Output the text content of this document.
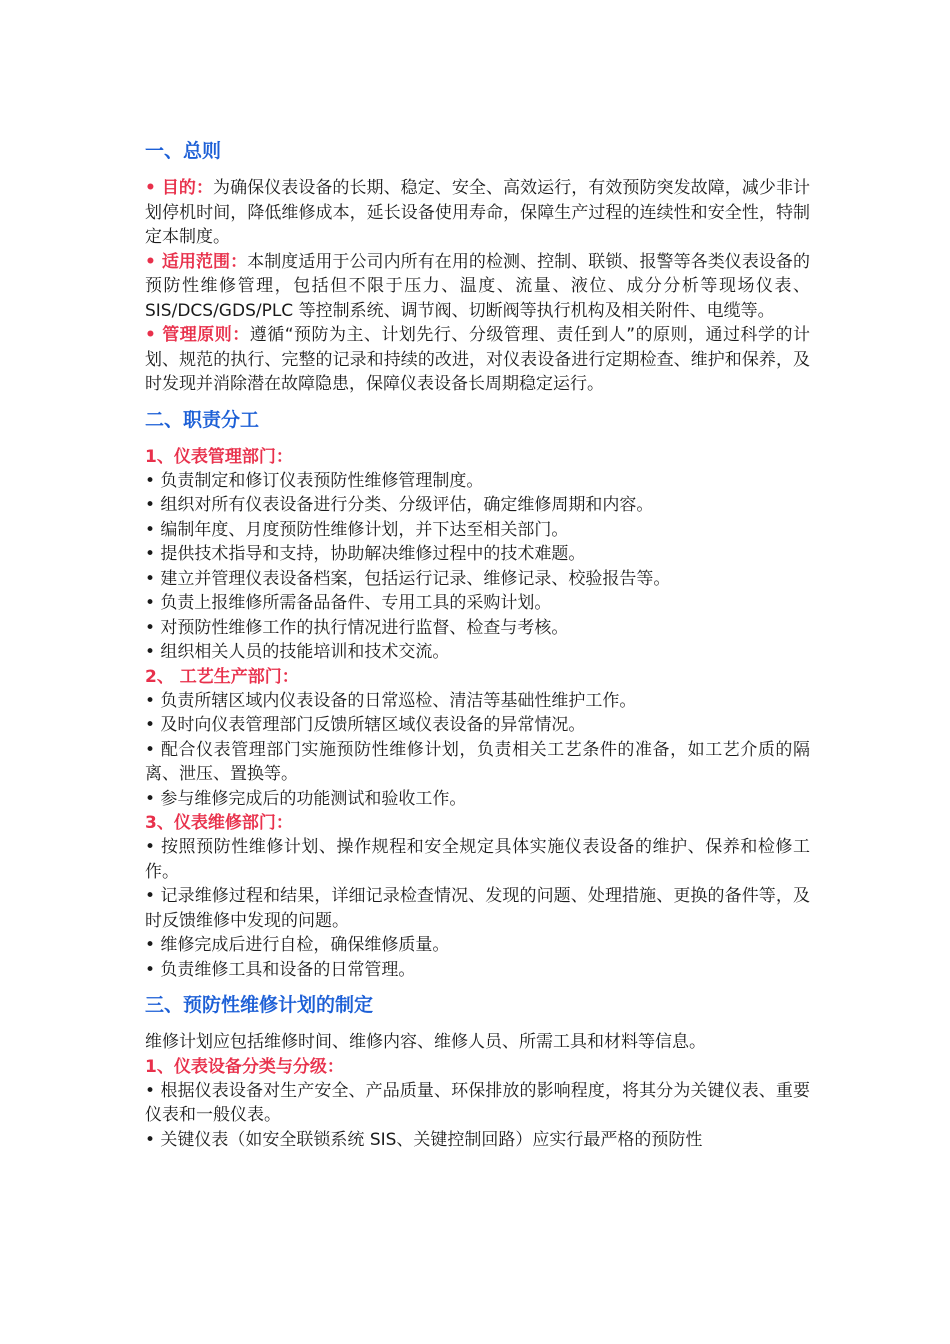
一、总则
• 目的：为确保仪表设备的长期、稳定、安全、高效运行，有效预防突发故障，减少非计划停机时间，降低维修成本，延长设备使用寿命，保障生产过程的连续性和安全性，特制定本制度。
• 适用范围：本制度适用于公司内所有在用的检测、控制、联锁、报警等各类仪表设备的预防性维修管理，包括但不限于压力、温度、流量、液位、成分分析等现场仪表、SIS/DCS/GDS/PLC 等控制系统、调节阀、切断阀等执行机构及相关附件、电缆等。
• 管理原则：遵循“预防为主、计划先行、分级管理、责任到人”的原则，通过科学的计划、规范的执行、完整的记录和持续的改进，对仪表设备进行定期检查、维护和保养，及时发现并消除潜在故障隐患，保障仪表设备长周期稳定运行。
二、职责分工
1、仪表管理部门：
• 负责制定和修订仪表预防性维修管理制度。
• 组织对所有仪表设备进行分类、分级评估，确定维修周期和内容。
• 编制年度、月度预防性维修计划，并下达至相关部门。
• 提供技术指导和支持，协助解决维修过程中的技术难题。
• 建立并管理仪表设备档案，包括运行记录、维修记录、校验报告等。
• 负责上报维修所需备品备件、专用工具的采购计划。
• 对预防性维修工作的执行情况进行监督、检查与考核。
• 组织相关人员的技能培训和技术交流。
2、 工艺生产部门：
• 负责所辖区域内仪表设备的日常巡检、清洁等基础性维护工作。
• 及时向仪表管理部门反馈所辖区域仪表设备的异常情况。
• 配合仪表管理部门实施预防性维修计划，负责相关工艺条件的准备，如工艺介质的隔离、泄压、置换等。
• 参与维修完成后的功能测试和验收工作。
3、仪表维修部门：
• 按照预防性维修计划、操作规程和安全规定具体实施仪表设备的维护、保养和检修工作。
• 记录维修过程和结果，详细记录检查情况、发现的问题、处理措施、更换的备件等，及时反馈维修中发现的问题。
• 维修完成后进行自检，确保维修质量。
• 负责维修工具和设备的日常管理。
三、预防性维修计划的制定
维修计划应包括维修时间、维修内容、维修人员、所需工具和材料等信息。
1、仪表设备分类与分级：
• 根据仪表设备对生产安全、产品质量、环保排放的影响程度，将其分为关键仪表、重要仪表和一般仪表。
• 关键仪表（如安全联锁系统 SIS、关键控制回路）应实行最严格的预防性
